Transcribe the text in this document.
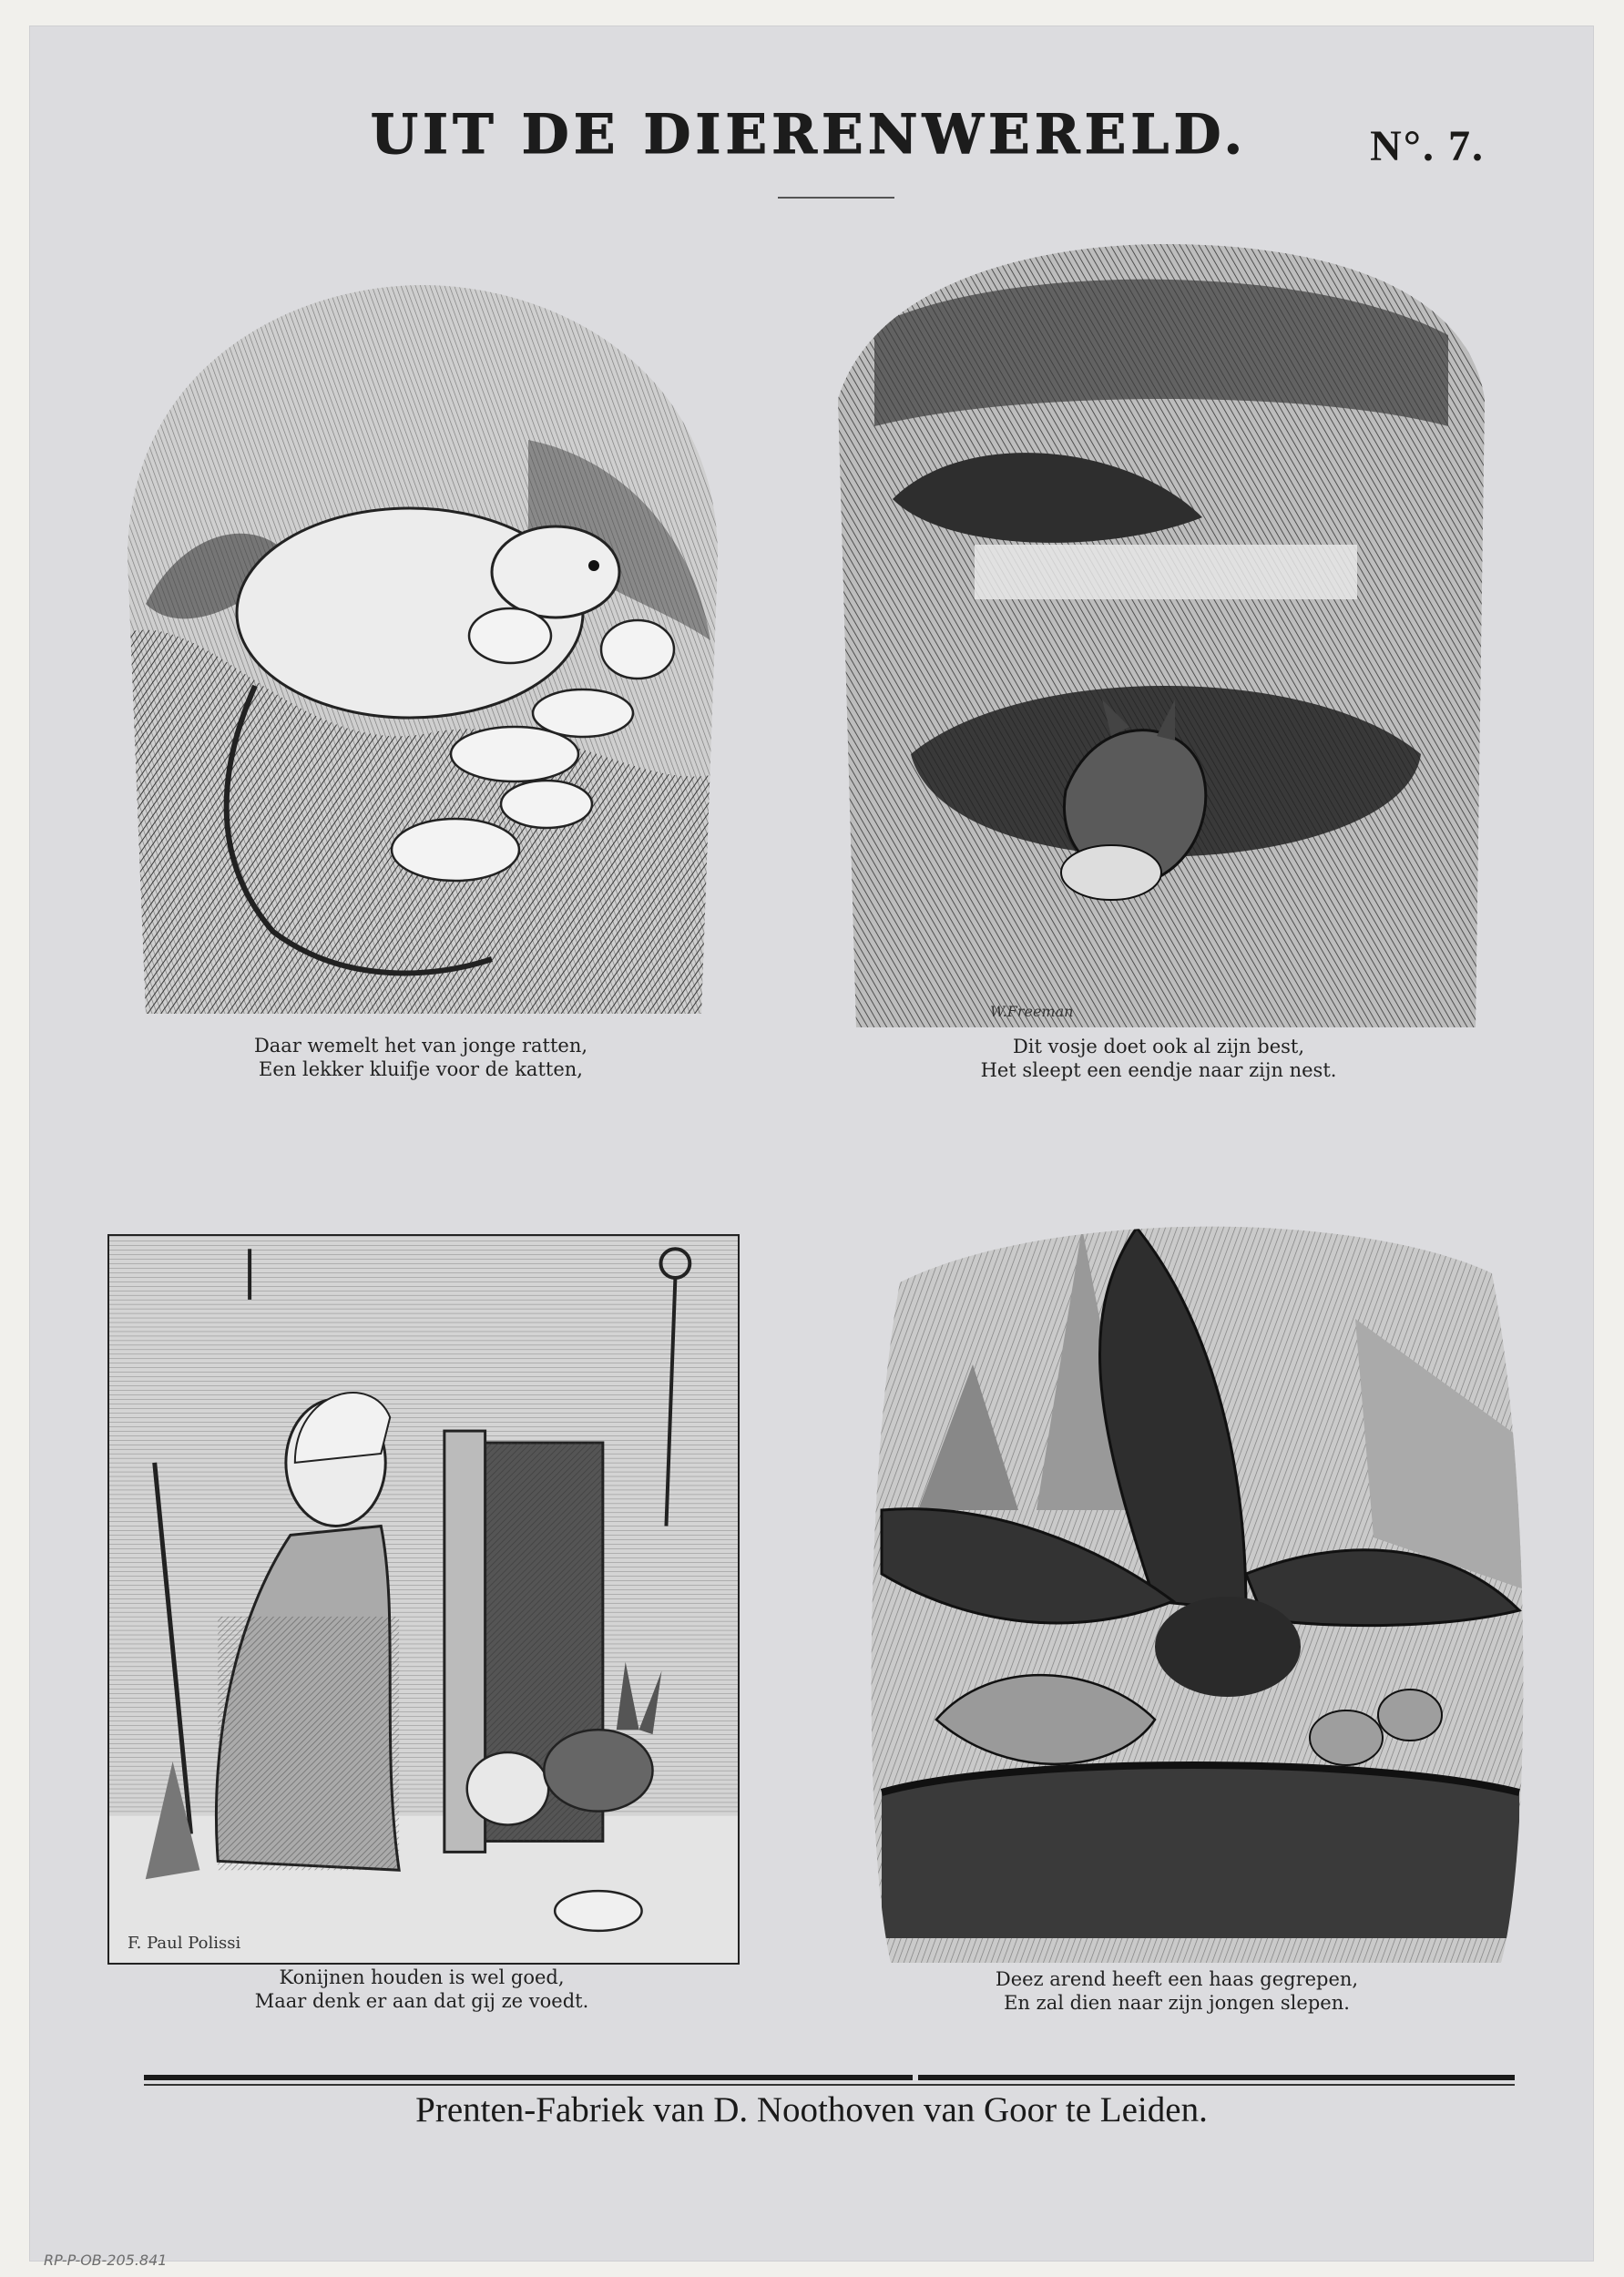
UIT DE DIERENWERELD.	N°. 7.
Daar wemelt het van jonge ratten,
Een lekker kluifje voor de katten,
W.Freeman
Dit vosje doet ook al zijn best,
Het sleept een eendje naar zijn nest.
F. Paul Polissi
Konijnen houden is wel goed,
Maar denk er aan dat gij ze voedt.
Deez arend heeft een haas gegrepen,
En zal dien naar zijn jongen slepen.
Prenten-Fabriek van D. Noothoven van Goor te Leiden.
RP-P-OB-205.841
